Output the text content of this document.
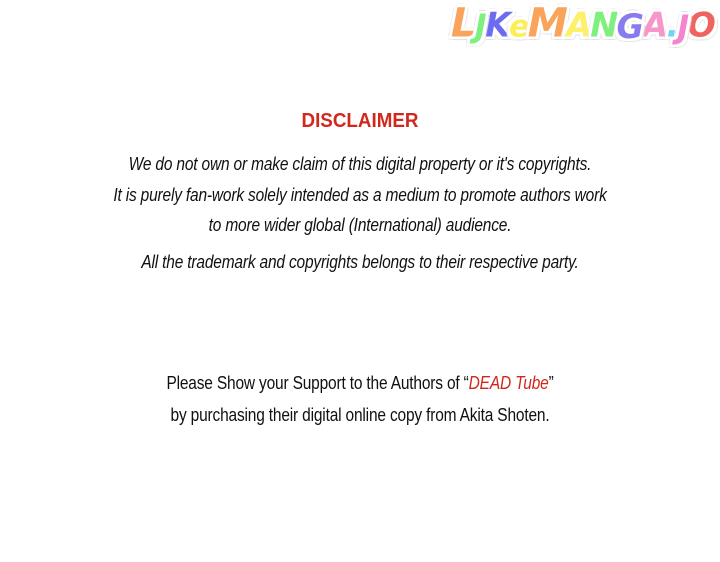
LJKeMANGA.JO
DISCLAIMER
We do not own or make claim of this digital property or it's copyrights.
It is purely fan-work solely intended as a medium to promote authors work
to more wider global (International) audience.
All the trademark and copyrights belongs to their respective party.
Please Show your Support to the Authors of “DEAD Tube”
by purchasing their digital online copy from Akita Shoten.
